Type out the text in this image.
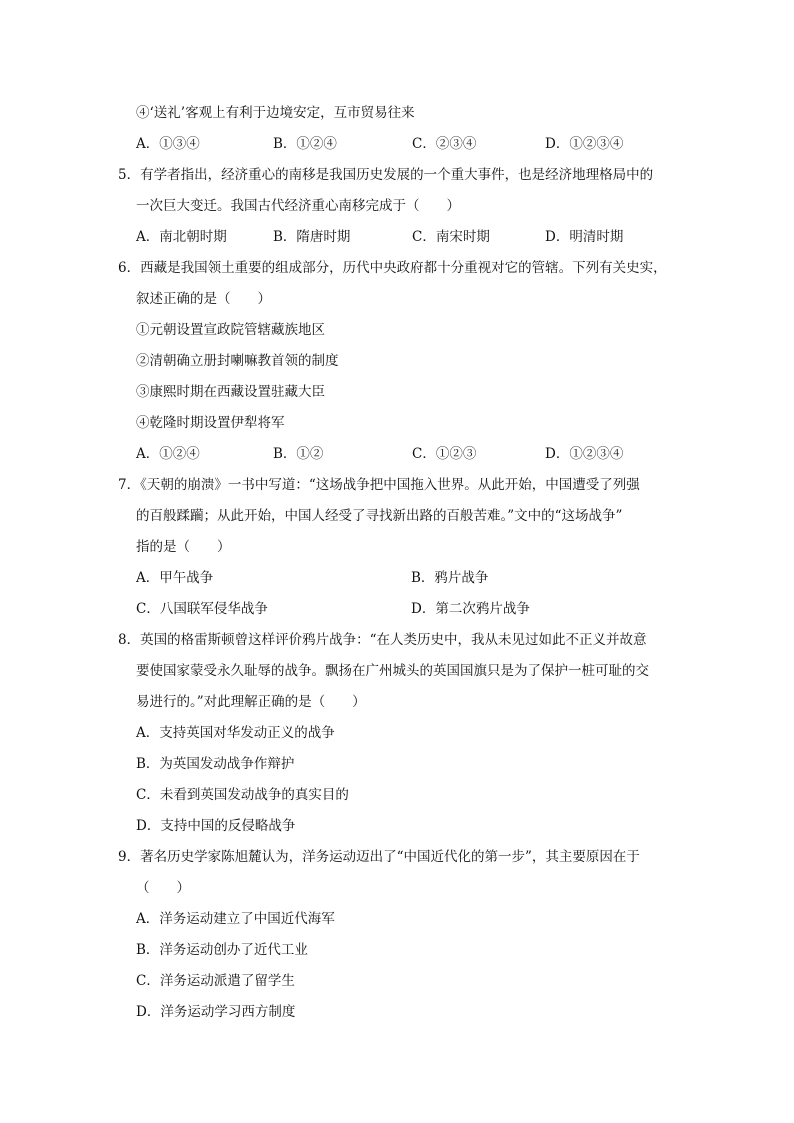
④‘送礼’客观上有利于边境安定，互市贸易往来
A．①③④	B．①②④	C．②③④	D．①②③④
5．有学者指出，经济重心的南移是我国历史发展的一个重大事件，也是经济地理格局中的
一次巨大变迁。我国古代经济重心南移完成于（　　）
A．南北朝时期	B．隋唐时期	C．南宋时期	D．明清时期
6．西藏是我国领土重要的组成部分，历代中央政府都十分重视对它的管辖。下列有关史实，
叙述正确的是（　　）
①元朝设置宣政院管辖藏族地区
②清朝确立册封喇嘛教首领的制度
③康熙时期在西藏设置驻藏大臣
④乾隆时期设置伊犁将军
A．①②④	B．①②	C．①②③	D．①②③④
7．《天朝的崩溃》一书中写道：“这场战争把中国拖入世界。从此开始，中国遭受了列强
的百般蹂躏；从此开始，中国人经受了寻找新出路的百般苦难。”文中的“这场战争”
指的是（　　）
A．甲午战争	B．鸦片战争
C．八国联军侵华战争	D．第二次鸦片战争
8．英国的格雷斯顿曾这样评价鸦片战争：“在人类历史中，我从未见过如此不正义并故意
要使国家蒙受永久耻辱的战争。飘扬在广州城头的英国国旗只是为了保护一桩可耻的交
易进行的。”对此理解正确的是（　　）
A．支持英国对华发动正义的战争
B．为英国发动战争作辩护
C．未看到英国发动战争的真实目的
D．支持中国的反侵略战争
9．著名历史学家陈旭麓认为，洋务运动迈出了“中国近代化的第一步”，其主要原因在于
（　　）
A．洋务运动建立了中国近代海军
B．洋务运动创办了近代工业
C．洋务运动派遣了留学生
D．洋务运动学习西方制度
